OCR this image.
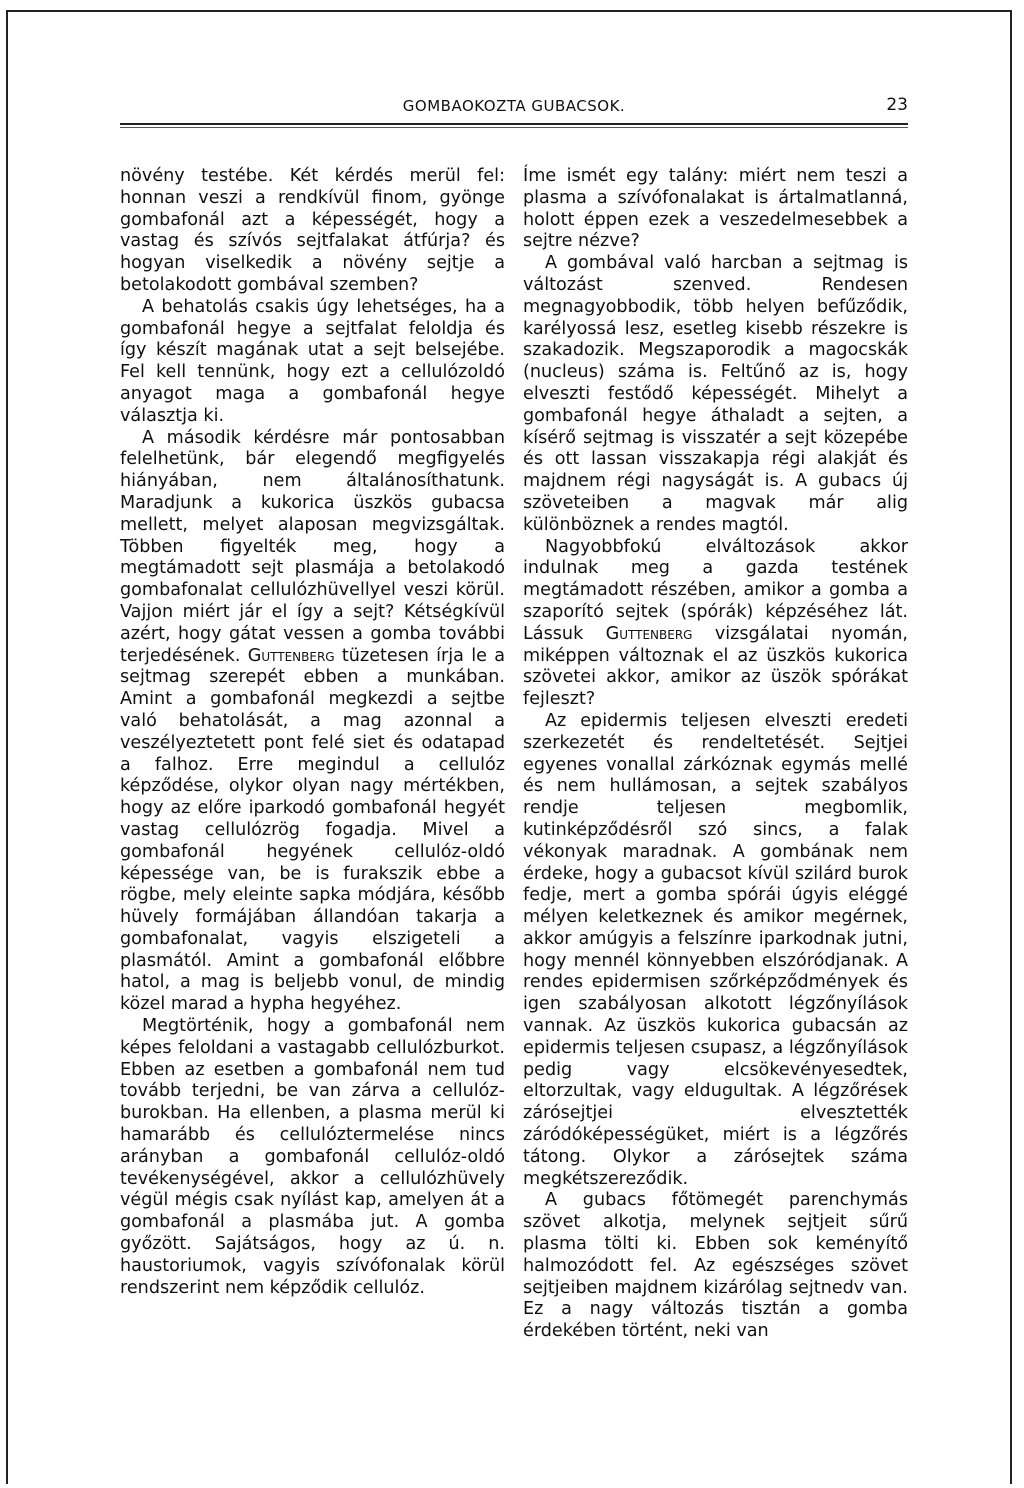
GOMBAOKOZTA GUBACSOK.	23

növény testébe. Két kérdés merül fel: honnan veszi a rendkívül finom, gyönge gombafonál azt a képességét, hogy a vastag és szívós sejtfalakat átfúrja? és hogyan viselkedik a növény sejtje a betolakodott gombával szemben?

A behatolás csakis úgy lehetséges, ha a gombafonál hegye a sejtfalat feloldja és így készít magának utat a sejt belsejébe. Fel kell tennünk, hogy ezt a cellulózoldó anyagot maga a gombafonál hegye választja ki.

A második kérdésre már pontosabban felelhetünk, bár elegendő megfigyelés hiányában, nem általánosíthatunk. Maradjunk a kukorica üszkös gubacsa mellett, melyet alaposan megvizsgáltak. Többen figyelték meg, hogy a megtámadott sejt plasmája a betolakodó gombafonalat cellulózhüvellyel veszi körül. Vajjon miért jár el így a sejt? Kétségkívül azért, hogy gátat vessen a gomba további terjedésének. Guttenberg tüzetesen írja le a sejtmag szerepét ebben a munkában. Amint a gombafonál megkezdi a sejtbe való behatolását, a mag azonnal a veszélyeztetett pont felé siet és odatapad a falhoz. Erre megindul a cellulóz képződése, olykor olyan nagy mértékben, hogy az előre iparkodó gombafonál hegyét vastag cellulózrög fogadja. Mivel a gombafonál hegyének cellulóz-oldó képessége van, be is furakszik ebbe a rögbe, mely eleinte sapka módjára, később hüvely formájában állandóan takarja a gombafonalat, vagyis elszigeteli a plasmától. Amint a gombafonál előbbre hatol, a mag is beljebb vonul, de mindig közel marad a hypha hegyéhez.

Megtörténik, hogy a gombafonál nem képes feloldani a vastagabb cellulózburkot. Ebben az esetben a gombafonál nem tud tovább terjedni, be van zárva a cellulóz-burokban. Ha ellenben, a plasma merül ki hamarább és cellulóztermelése nincs arányban a gombafonál cellulóz-oldó tevékenységével, akkor a cellulózhüvely végül mégis csak nyílást kap, amelyen át a gombafonál a plasmába jut. A gomba győzött. Sajátságos, hogy az ú. n. haustoriumok, vagyis szívófonalak körül rendszerint nem képződik cellulóz.

Íme ismét egy talány: miért nem teszi a plasma a szívófonalakat is ártalmatlanná, holott éppen ezek a veszedelmesebbek a sejtre nézve?

A gombával való harcban a sejtmag is változást szenved. Rendesen megnagyobbodik, több helyen befűződik, karélyossá lesz, esetleg kisebb részekre is szakadozik. Megszaporodik a magocskák (nucleus) száma is. Feltűnő az is, hogy elveszti festődő képességét. Mihelyt a gombafonál hegye áthaladt a sejten, a kísérő sejtmag is visszatér a sejt közepébe és ott lassan visszakapja régi alakját és majdnem régi nagyságát is. A gubacs új szöveteiben a magvak már alig különböznek a rendes magtól.

Nagyobbfokú elváltozások akkor indulnak meg a gazda testének megtámadott részében, amikor a gomba a szaporító sejtek (spórák) képzéséhez lát. Lássuk Guttenberg vizsgálatai nyomán, miképpen változnak el az üszkös kukorica szövetei akkor, amikor az üszök spórákat fejleszt?

Az epidermis teljesen elveszti eredeti szerkezetét és rendeltetését. Sejtjei egyenes vonallal zárkóznak egymás mellé és nem hullámosan, a sejtek szabályos rendje teljesen megbomlik, kutinképződésről szó sincs, a falak vékonyak maradnak. A gombának nem érdeke, hogy a gubacsot kívül szilárd burok fedje, mert a gomba spórái úgyis eléggé mélyen keletkeznek és amikor megérnek, akkor amúgyis a felszínre iparkodnak jutni, hogy mennél könnyebben elszóródjanak. A rendes epidermisen szőrképződmények és igen szabályosan alkotott légzőnyílások vannak. Az üszkös kukorica gubacsán az epidermis teljesen csupasz, a légzőnyílások pedig vagy elcsökevényesedtek, eltorzultak, vagy eldugultak. A légzőrések zárósejtjei elvesztették záródóképességüket, miért is a légzőrés tátong. Olykor a zárósejtek száma megkétszereződik.

A gubacs főtömegét parenchymás szövet alkotja, melynek sejtjeit sűrű plasma tölti ki. Ebben sok keményítő halmozódott fel. Az egészséges szövet sejtjeiben majdnem kizárólag sejtnedv van. Ez a nagy változás tisztán a gomba érdekében történt, neki van
